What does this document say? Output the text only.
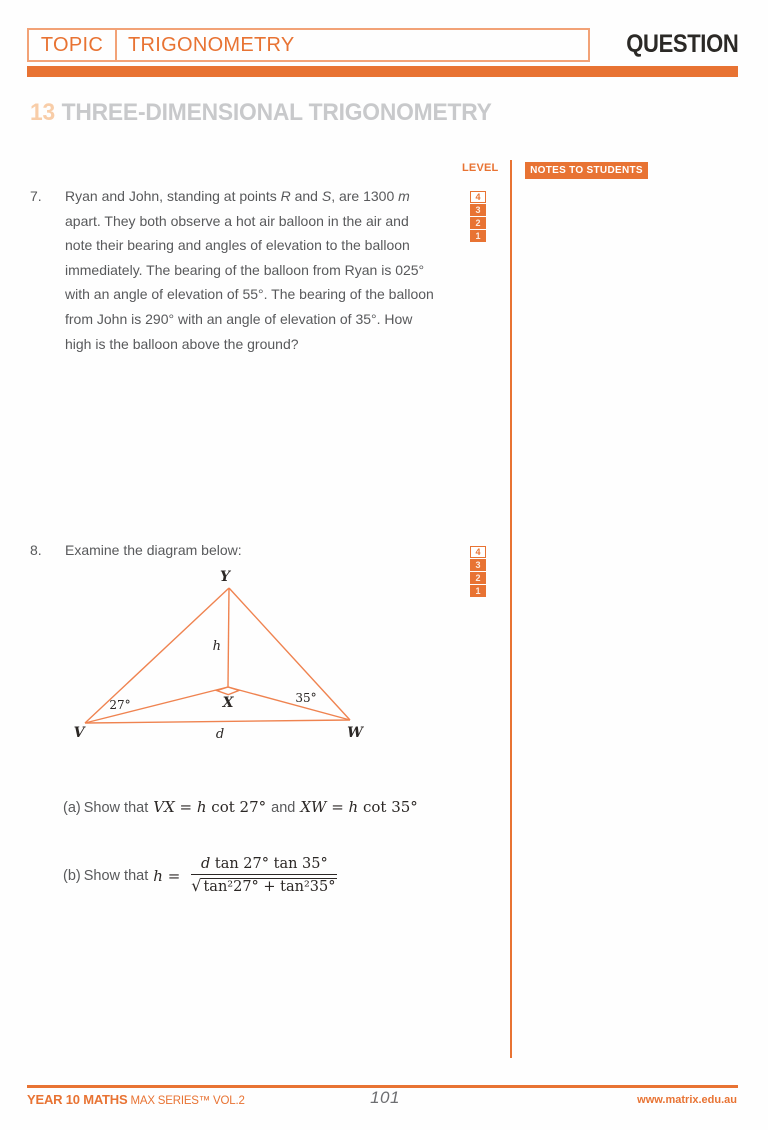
TOPIC	TRIGONOMETRY	QUESTION
13 THREE-DIMENSIONAL TRIGONOMETRY
LEVEL	NOTES TO STUDENTS
7.	Ryan and John, standing at points R and S, are 1300 m apart. They both observe a hot air balloon in the air and note their bearing and angles of elevation to the balloon immediately. The bearing of the balloon from Ryan is 025° with an angle of elevation of 55°. The bearing of the balloon from John is 290° with an angle of elevation of 35°. How high is the balloon above the ground?

4
3
2
1
8.	Examine the diagram below:	4
3
2
1
Y
X
V	W
h
d
27°	35°
(a) Show that VX = h cot 27° and XW = h cot 35°
(b) Show that $h = \frac{\text{d tan 27° tan 35°}}{\text{√ tan²27° + tan²35°}}$
YEAR 10 MATHS MAX SERIES™ VOL.2	101	www.matrix.edu.au
